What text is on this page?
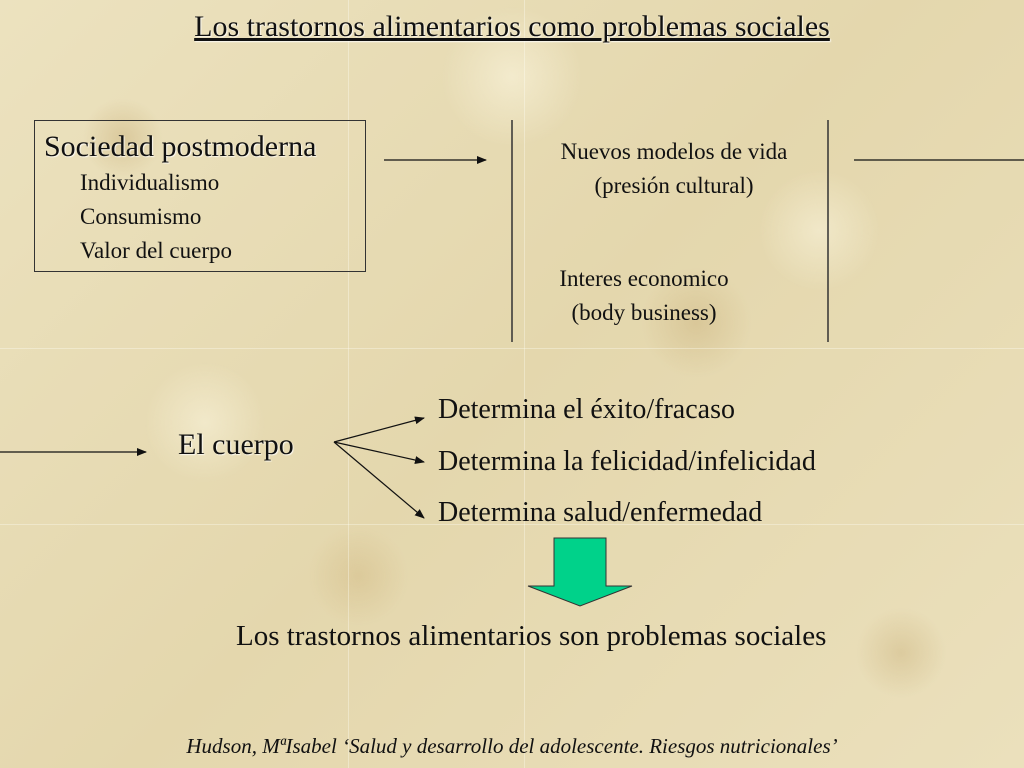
Los trastornos alimentarios como problemas sociales
Sociedad postmoderna
Individualismo
Consumismo
Valor del cuerpo
Nuevos modelos de vida
(presión cultural)
Interes economico
(body business)
El cuerpo
Determina el éxito/fracaso
Determina la felicidad/infelicidad
Determina salud/enfermedad
Los trastornos alimentarios son problemas sociales
Hudson, MªIsabel ‘Salud y desarrollo del adolescente. Riesgos nutricionales’
